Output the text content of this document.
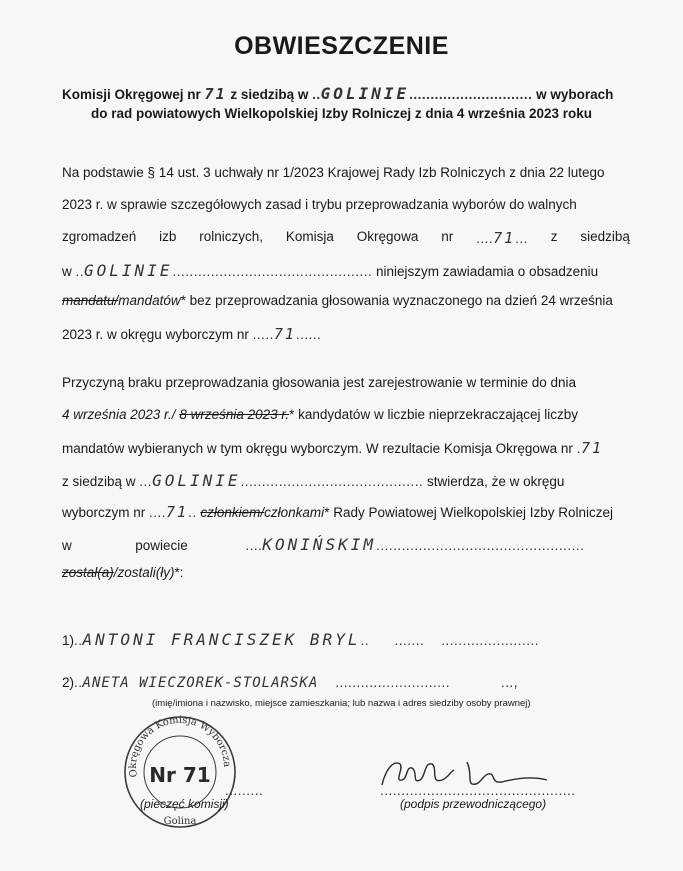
OBWIESZCZENIE
Komisji Okręgowej nr 71 z siedzibą w ..GOLINIE............................. w wyborach
do rad powiatowych Wielkopolskiej Izby Rolniczej z dnia 4 września 2023 roku
Na podstawie § 14 ust. 3 uchwały nr 1/2023 Krajowej Rady Izb Rolniczych z dnia 22 lutego
2023 r. w sprawie szczegółowych zasad i trybu przeprowadzania wyborów do walnych
zgromadzeń izb rolniczych, Komisja Okręgowa nr ....71... z siedzibą
w ..GOLINIE............................................... niniejszym zawiadamia o obsadzeniu
mandatu/mandatów* bez przeprowadzania głosowania wyznaczonego na dzień 24 września
2023 r. w okręgu wyborczym nr .....71......
Przyczyną braku przeprowadzania głosowania jest zarejestrowanie w terminie do dnia
4 września 2023 r./ 8 września 2023 r.* kandydatów w liczbie nieprzekraczającej liczby
mandatów wybieranych w tym okręgu wyborczym. W rezultacie Komisja Okręgowa nr .71
z siedzibą w ...GOLINIE........................................... stwierdza, że w okręgu
wyborczym nr ....71.. członkiem/członkami* Rady Powiatowej Wielkopolskiej Izby Rolniczej
w	powiecie	....KONIŃSKIM.................................................
został(a)/zostali(ły)*:
1)..ANTONI FRANCISZEK BRYL..      .......    .......................
2)..ANETA WIECZOREK-STOLARSKA    ...........................            ...,
(imię/imiona i nazwisko, miejsce zamieszkania; lub nazwa i adres siedziby osoby prawnej)
Okręgowa Komisja Wyborcza
Nr 71
Golina
.........
(pieczęć komisji)
..............................................
(podpis przewodniczącego)
